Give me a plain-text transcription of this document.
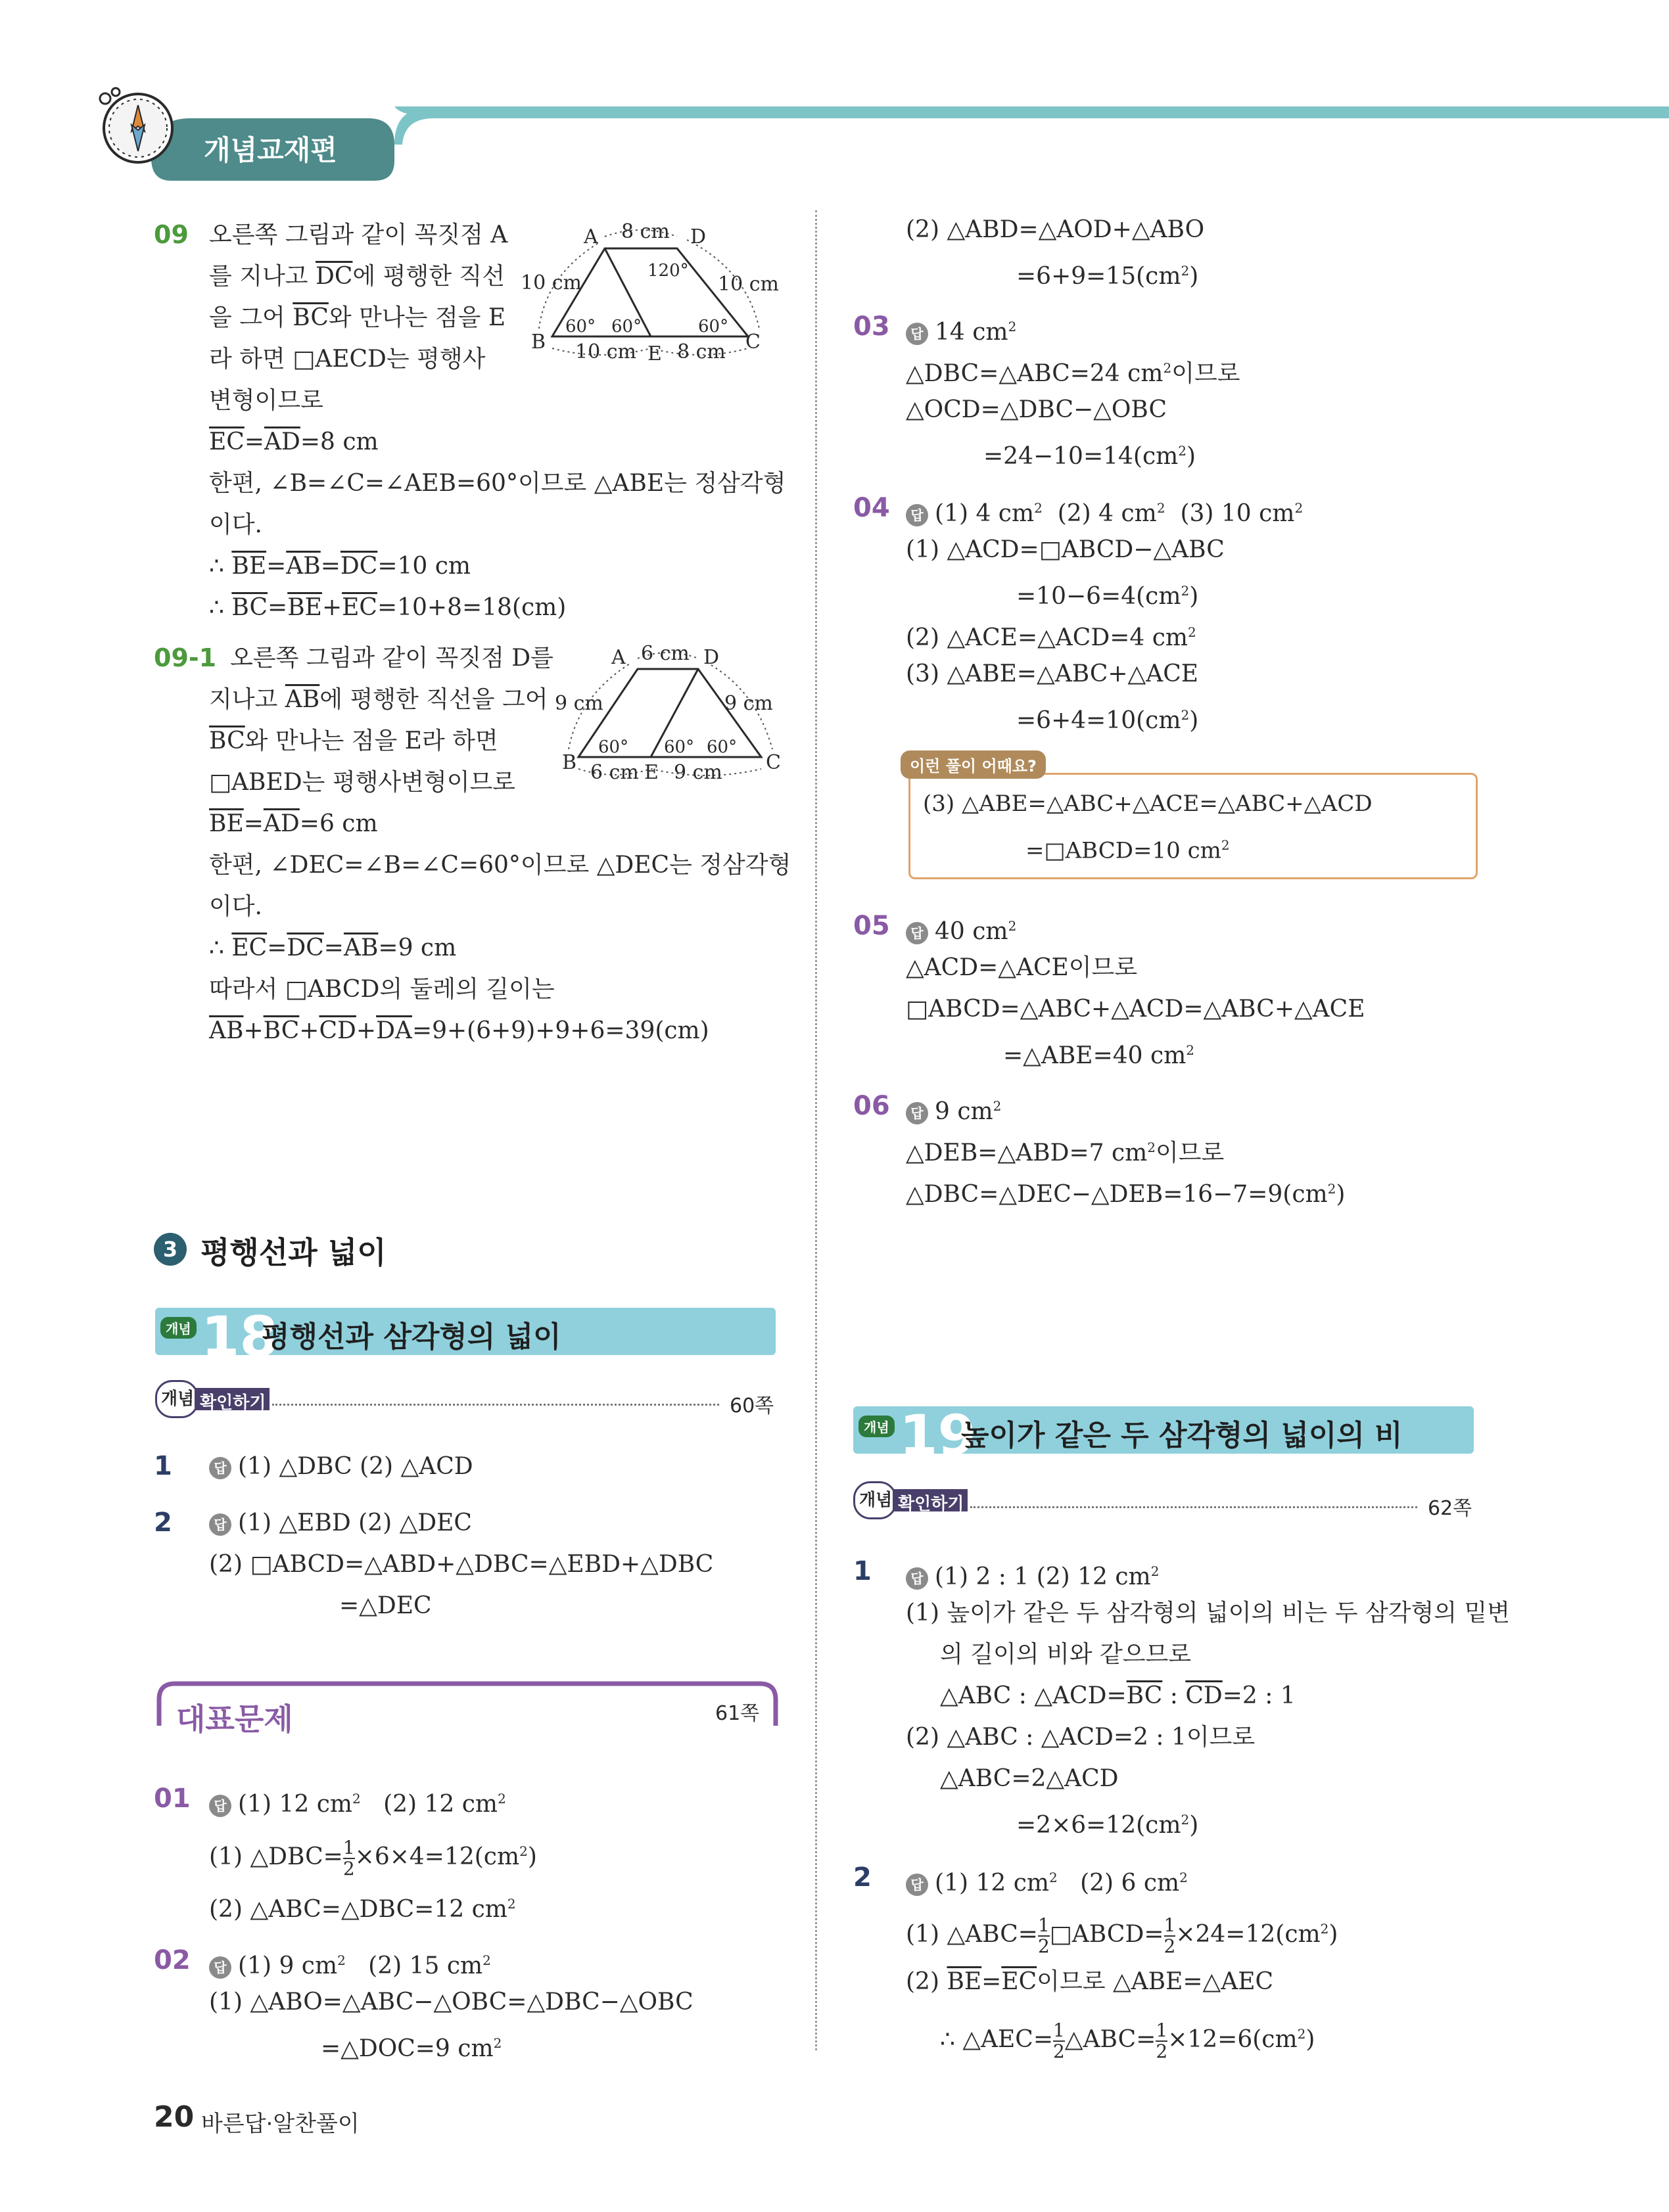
개념교재편
09 오른쪽 그림과 같이 꼭짓점 A
를 지나고 $\overline{DC}$에 평행한 직선
을 그어 $\overline{BC}$와 만나는 점을 E
라 하면 □AECD는 평행사
변형이므로
$\overline{EC}=\overline{AD}=8$ cm
한편, ∠B=∠C=∠AEB=60°이므로 △ABE는 정삼각형
이다.
∴ $\overline{BE}=\overline{AB}=\overline{DC}=10$ cm
∴ $\overline{BC}=\overline{BE}+\overline{EC}=10+8=18(cm)$
A	D
B	C
E
8 cm
10 cm	10 cm
10 cm 8 cm
120°
60° 60°	60°
09-1 오른쪽 그림과 같이 꼭짓점 D를
지나고 $\overline{AB}$에 평행한 직선을 그어
$\overline{BC}$와 만나는 점을 E라 하면
□ABED는 평행사변형이므로
$\overline{BE}=\overline{AD}=6$ cm
한편, ∠DEC=∠B=∠C=60°이므로 △DEC는 정삼각형
이다.
∴ $\overline{EC}=\overline{DC}=\overline{AB}=9$ cm
따라서 □ABCD의 둘레의 길이는
$\overline{AB}+\overline{BC}+\overline{CD}+\overline{DA}=9+(6+9)+9+6=39(cm)$
A	D
B	C
E
6 cm
9 cm	9 cm
6 cm 9 cm
60° 60° 60°
3 평행선과 넓이
개념 18
평행선과 삼각형의 넓이
개념 확인하기	60쪽
1	답 (1) △DBC (2) △ACD
2	답 (1) △EBD (2) △DEC
(2) □ABCD=△ABD+△DBC=△EBD+△DBC
=△DEC
대표문제	61쪽
01	답 (1) 12 $cm^2$ (2) 12 $cm^2$
(1) △DBC= $\frac{1}{2} \times 6\times 4=12(cm^2)$
(2) △ABC=△DBC=12 $cm^2$
02	답 (1) 9 $cm^2$ (2) 15 $cm^2$
(1) △ABO=△ABC−△OBC=△DBC−△OBC
=△DOC=9 $cm^2$
(2) △ABD=△AOD+△ABO
$=6+9=15(cm^2)$
03	답 14 $cm^2$
△DBC=△ABC=24 $cm^2$이므로
△OCD=△DBC−△OBC
$=24-10=14(cm^2)$
04	답 (1) 4 $cm^2$ (2) 4 $cm^2$ (3) 10 $cm^2$
(1) △ACD=□ABCD−△ABC
$=10-6=4(cm^2)$
(2) △ACE=△ACD=4 $cm^2$
(3) △ABE=△ABC+△ACE
$=6+4=10(cm^2)$
이런 풀이 어때요?
(3) △ABE=△ABC+△ACE=△ABC+△ACD
=□ABCD=10 $cm^2$
05	답 40 $cm^2$
△ACD=△ACE이므로
□ABCD=△ABC+△ACD=△ABC+△ACE
=△ABE=40 $cm^2$
06	답 9 $cm^2$
△DEB=△ABD=7 $cm^2$이므로
$\triangle DBC=\triangle DEC-\triangle DEB=16-7=9(cm^2)$
개념 19
높이가 같은 두 삼각형의 넓이의 비
개념 확인하기	62쪽
1	답 (1) 2 : 1 (2) 12 $cm^2$
(1) 높이가 같은 두 삼각형의 넓이의 비는 두 삼각형의 밑변
의 길이의 비와 같으므로
△ABC : $\triangle ACD=\overline{BC}$ : $\overline{CD}=2$ : 1
(2) △ABC : △ACD=2 : 1이므로
△ABC=2△ACD
$=2\times 6=12(cm^2)$
2	답 (1) 12 $cm^2$ (2) 6 $cm^2$
(1) △ABC= $\frac{1}{2}$ □ABCD= $\frac{1}{2} \times 24=12(cm^2)$
(2) $\overline{BE}=\overline{EC}$이므로 △ABE=△AEC
∴ △AEC= $\frac{1}{2}$ △ABC= $\frac{1}{2} \times 12=6(cm^2)$
20 바른답·알찬풀이
